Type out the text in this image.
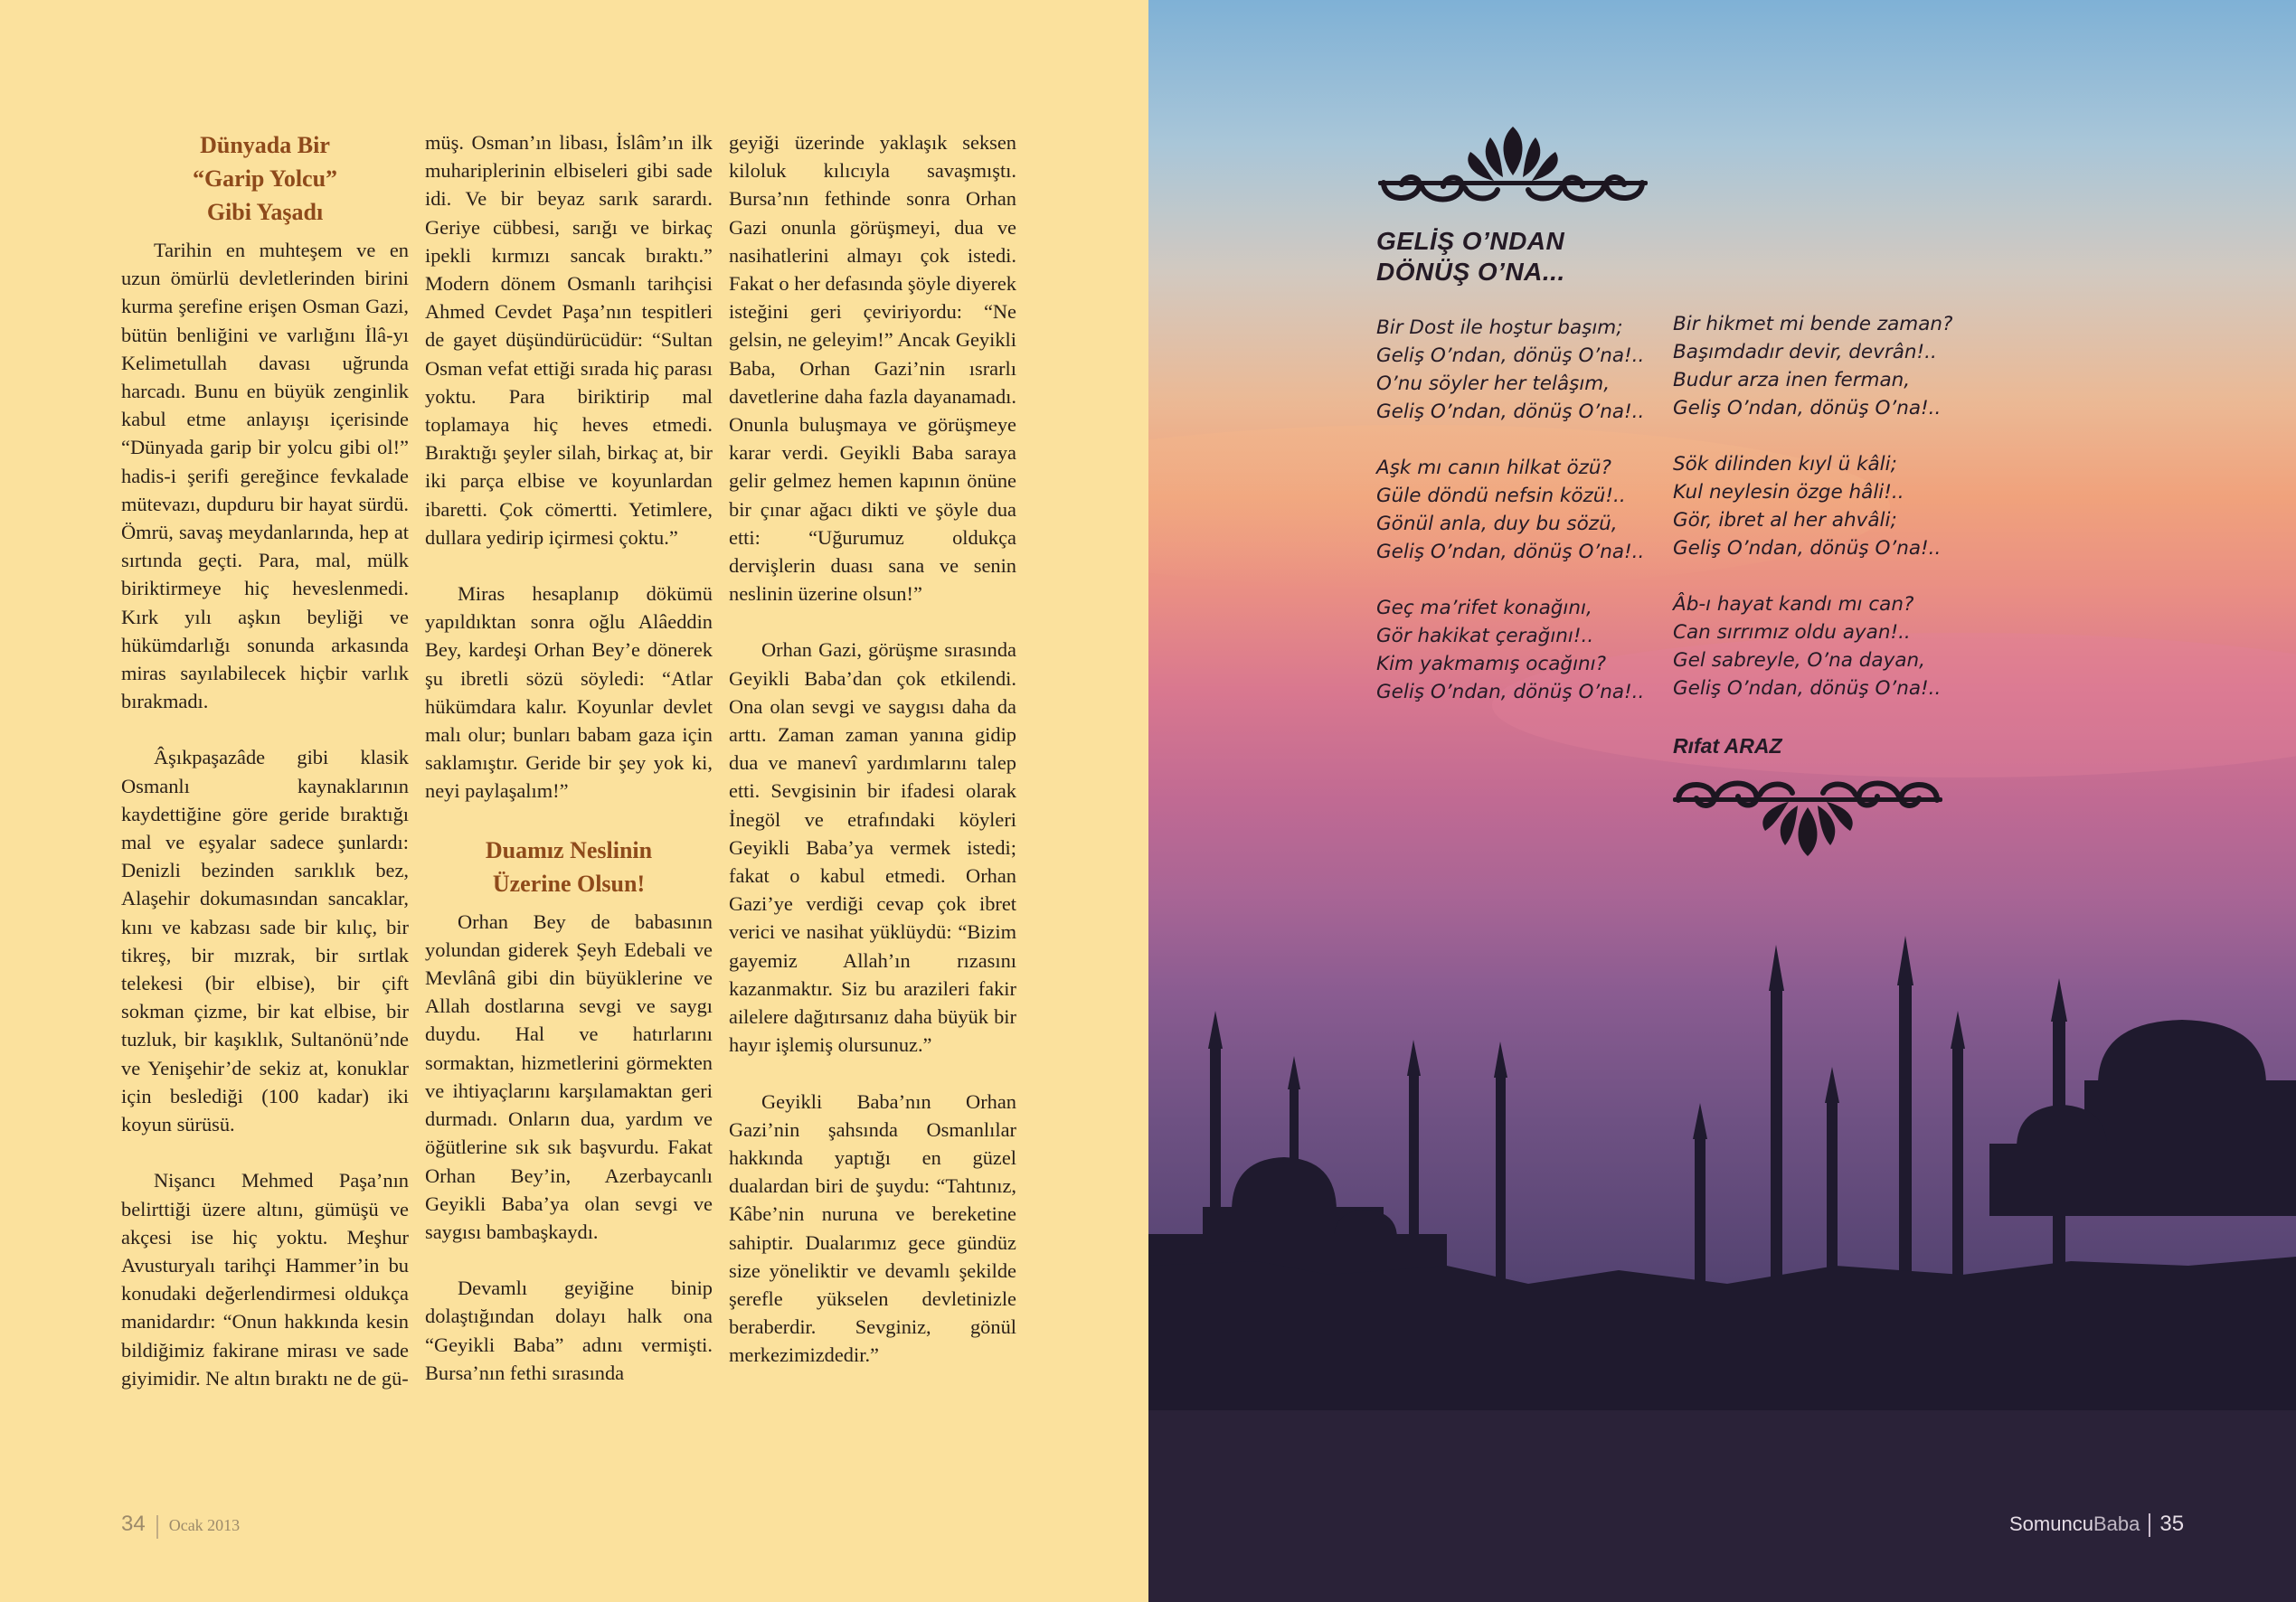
Dünyada Bir
“Garip Yolcu”
Gibi Yaşadı

Tarihin en muhteşem ve en uzun ömürlü devletlerinden birini kurma şerefine erişen Osman Gazi, bütün benliğini ve varlığını İlâ-yı Kelimetullah davası uğrunda harcadı. Bunu en büyük zenginlik kabul etme anlayışı içerisinde “Dünyada garip bir yolcu gibi ol!” hadis-i şerifi gereğince fevkalade mütevazı, dupduru bir hayat sürdü. Ömrü, savaş meydanlarında, hep at sırtında geçti. Para, mal, mülk biriktirmeye hiç heveslenmedi. Kırk yılı aşkın beyliği ve hükümdarlığı sonunda arkasında miras sayılabilecek hiçbir varlık bırakmadı.

Âşıkpaşazâde gibi klasik Osmanlı kaynaklarının kaydettiğine göre geride bıraktığı mal ve eşyalar sadece şunlardı: Denizli bezinden sarıklık bez, Alaşehir dokumasından sancaklar, kını ve kabzası sade bir kılıç, bir tikreş, bir mızrak, bir sırtlak telekesi (bir elbise), bir çift sokman çizme, bir kat elbise, bir tuzluk, bir kaşıklık, Sultanönü’nde ve Yenişehir’de sekiz at, konuklar için beslediği (100 kadar) iki koyun sürüsü.

Nişancı Mehmed Paşa’nın belirttiği üzere altını, gümüşü ve akçesi ise hiç yoktu. Meşhur Avusturyalı tarihçi Hammer’in bu konudaki değerlendirmesi oldukça manidardır: “Onun hakkında kesin bildiğimiz fakirane mirası ve sade giyimidir. Ne altın bıraktı ne de gü-

müş. Osman’ın libası, İslâm’ın ilk muhariplerinin elbiseleri gibi sade idi. Ve bir beyaz sarık sarardı. Geriye cübbesi, sarığı ve birkaç ipekli kırmızı sancak bıraktı.” Modern dönem Osmanlı tarihçisi Ahmed Cevdet Paşa’nın tespitleri de gayet düşündürücüdür: “Sultan Osman vefat ettiği sırada hiç parası yoktu. Para biriktirip mal toplamaya hiç heves etmedi. Bıraktığı şeyler silah, birkaç at, bir iki parça elbise ve koyunlardan ibaretti. Çok cömertti. Yetimlere, dullara yedirip içirmesi çoktu.”

Miras hesaplanıp dökümü yapıldıktan sonra oğlu Alâeddin Bey, kardeşi Orhan Bey’e dönerek şu ibretli sözü söyledi: “Atlar hükümdara kalır. Koyunlar devlet malı olur; bunları babam gaza için saklamıştır. Geride bir şey yok ki, neyi paylaşalım!”

Duamız Neslinin
Üzerine Olsun!

Orhan Bey de babasının yolundan giderek Şeyh Edebali ve Mevlânâ gibi din büyüklerine ve Allah dostlarına sevgi ve saygı duydu. Hal ve hatırlarını sormaktan, hizmetlerini görmekten ve ihtiyaçlarını karşılamaktan geri durmadı. Onların dua, yardım ve öğütlerine sık sık başvurdu. Fakat Orhan Bey’in, Azerbaycanlı Geyikli Baba’ya olan sevgi ve saygısı bambaşkaydı.

Devamlı geyiğine binip dolaştığından dolayı halk ona “Geyikli Baba” adını vermişti. Bursa’nın fethi sırasında

geyiği üzerinde yaklaşık seksen kiloluk kılıcıyla savaşmıştı. Bursa’nın fethinde sonra Orhan Gazi onunla görüşmeyi, dua ve nasihatlerini almayı çok istedi. Fakat o her defasında şöyle diyerek isteğini geri çeviriyordu: “Ne gelsin, ne geleyim!” Ancak Geyikli Baba, Orhan Gazi’nin ısrarlı davetlerine daha fazla dayanamadı. Onunla buluşmaya ve görüşmeye karar verdi. Geyikli Baba saraya gelir gelmez hemen kapının önüne bir çınar ağacı dikti ve şöyle dua etti: “Uğurumuz oldukça dervişlerin duası sana ve senin neslinin üzerine olsun!”

Orhan Gazi, görüşme sırasında Geyikli Baba’dan çok etkilendi. Ona olan sevgi ve saygısı daha da arttı. Zaman zaman yanına gidip dua ve manevî yardımlarını talep etti. Sevgisinin bir ifadesi olarak İnegöl ve etrafındaki köyleri Geyikli Baba’ya vermek istedi; fakat o kabul etmedi. Orhan Gazi’ye verdiği cevap çok ibret verici ve nasihat yüklüydü: “Bizim gayemiz Allah’ın rızasını kazanmaktır. Siz bu arazileri fakir ailelere dağıtırsanız daha büyük bir hayır işlemiş olursunuz.”

Geyikli Baba’nın Orhan Gazi’nin şahsında Osmanlılar hakkında yaptığı en güzel dualardan biri de şuydu: “Tahtınız, Kâbe’nin nuruna ve bereketine sahiptir. Dualarımız gece gündüz size yöneliktir ve devamlı şekilde şerefle yükselen devletinizle beraberdir. Sevginiz, gönül merkezimizdedir.”

34 Ocak 2013
GELİŞ O’NDAN
DÖNÜŞ O’NA...
Bir Dost ile hoştur başım;
Geliş O’ndan, dönüş O’na!..
O’nu söyler her telâşım,
Geliş O’ndan, dönüş O’na!..
Aşk mı canın hilkat özü?
Güle döndü nefsin közü!..
Gönül anla, duy bu sözü,
Geliş O’ndan, dönüş O’na!..
Geç ma’rifet konağını,
Gör hakikat çerağını!..
Kim yakmamış ocağını?
Geliş O’ndan, dönüş O’na!..
Bir hikmet mi bende zaman?
Başımdadır devir, devrân!..
Budur arza inen ferman,
Geliş O’ndan, dönüş O’na!..
Sök dilinden kıyl ü kâli;
Kul neylesin özge hâli!..
Gör, ibret al her ahvâli;
Geliş O’ndan, dönüş O’na!..
Âb-ı hayat kandı mı can?
Can sırrımız oldu ayan!..
Gel sabreyle, O’na dayan,
Geliş O’ndan, dönüş O’na!..
Rıfat ARAZ
SomuncuBaba 35
